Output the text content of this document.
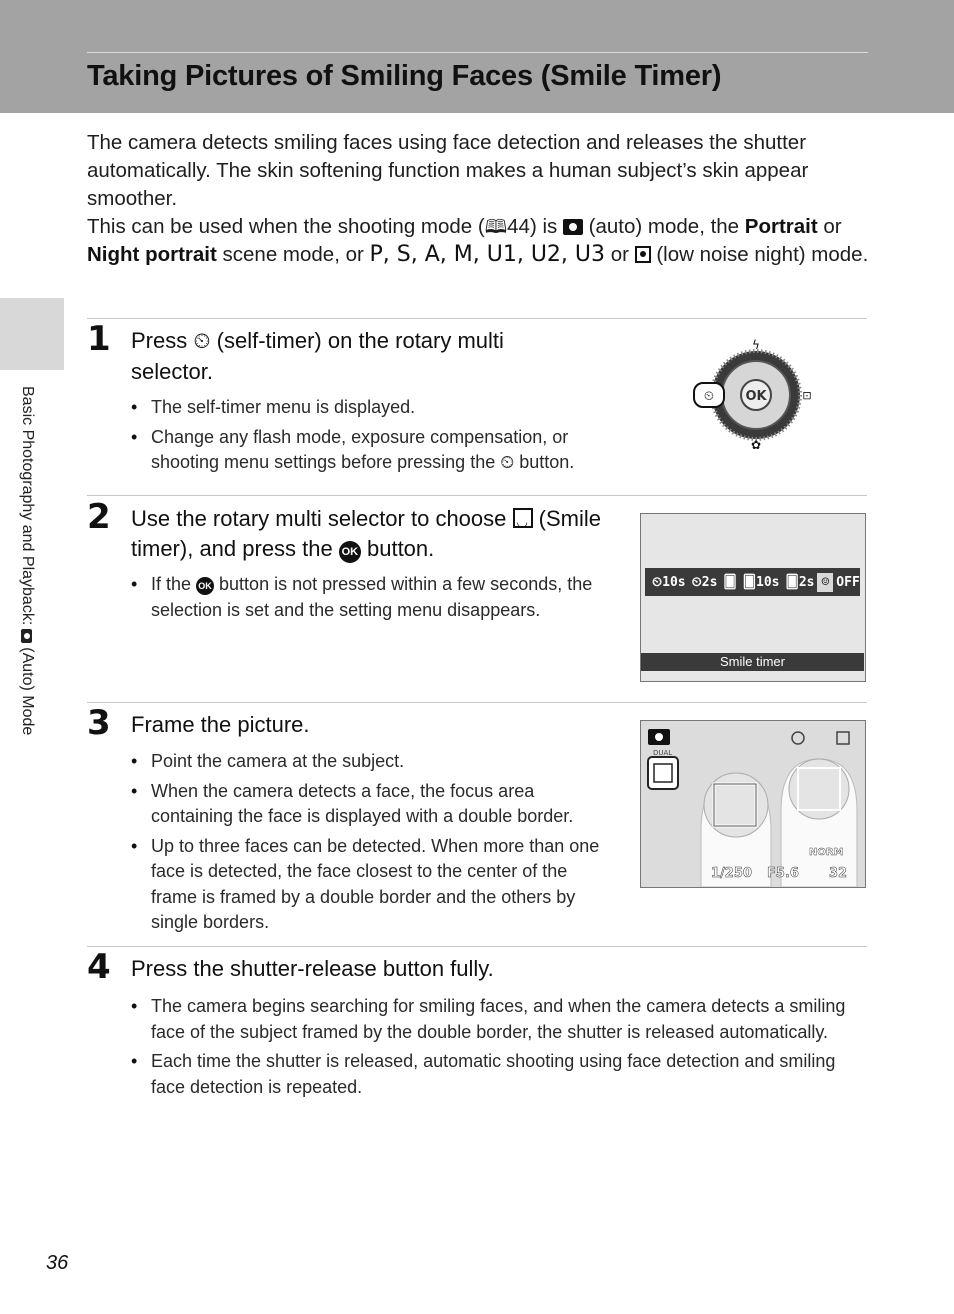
Taking Pictures of Smiling Faces (Smile Timer)
Basic Photography and Playback:
(Auto) Mode

The camera detects smiling faces using face detection and releases the shutter automatically. The skin softening function makes a human subject’s skin appear smoother.

This can be used when the shooting mode (🕮44) is  (auto) mode, the Portrait or Night portrait scene mode, or P, S, A, M, U1, U2, U3 or  (low noise night) mode.

1 Press ⏲ (self-timer) on the rotary multi selector.
• The self-timer menu is displayed.
• Change any flash mode, exposure compensation, or shooting menu settings before pressing the ⏲ button.
OK
⏲
ϟ
⊡
✿
2 Use the rotary multi selector to choose ◡ (Smile timer), and press the OK button.
• If the OK button is not pressed within a few seconds, the selection is set and the setting menu disappears.
⏲10s ⏲2s 🂠 🂠10s 🂠2s ☺ OFF
Smile timer
3 Frame the picture.
• Point the camera at the subject.
• When the camera detects a face, the focus area containing the face is displayed with a double border.
• Up to three faces can be detected. When more than one face is detected, the face closest to the center of the frame is framed by a double border and the others by single borders.
DUAL
NORM
1/250 F5.6 32
4 Press the shutter-release button fully.
• The camera begins searching for smiling faces, and when the camera detects a smiling face of the subject framed by the double border, the shutter is released automatically.
• Each time the shutter is released, automatic shooting using face detection and smiling face detection is repeated.
36
